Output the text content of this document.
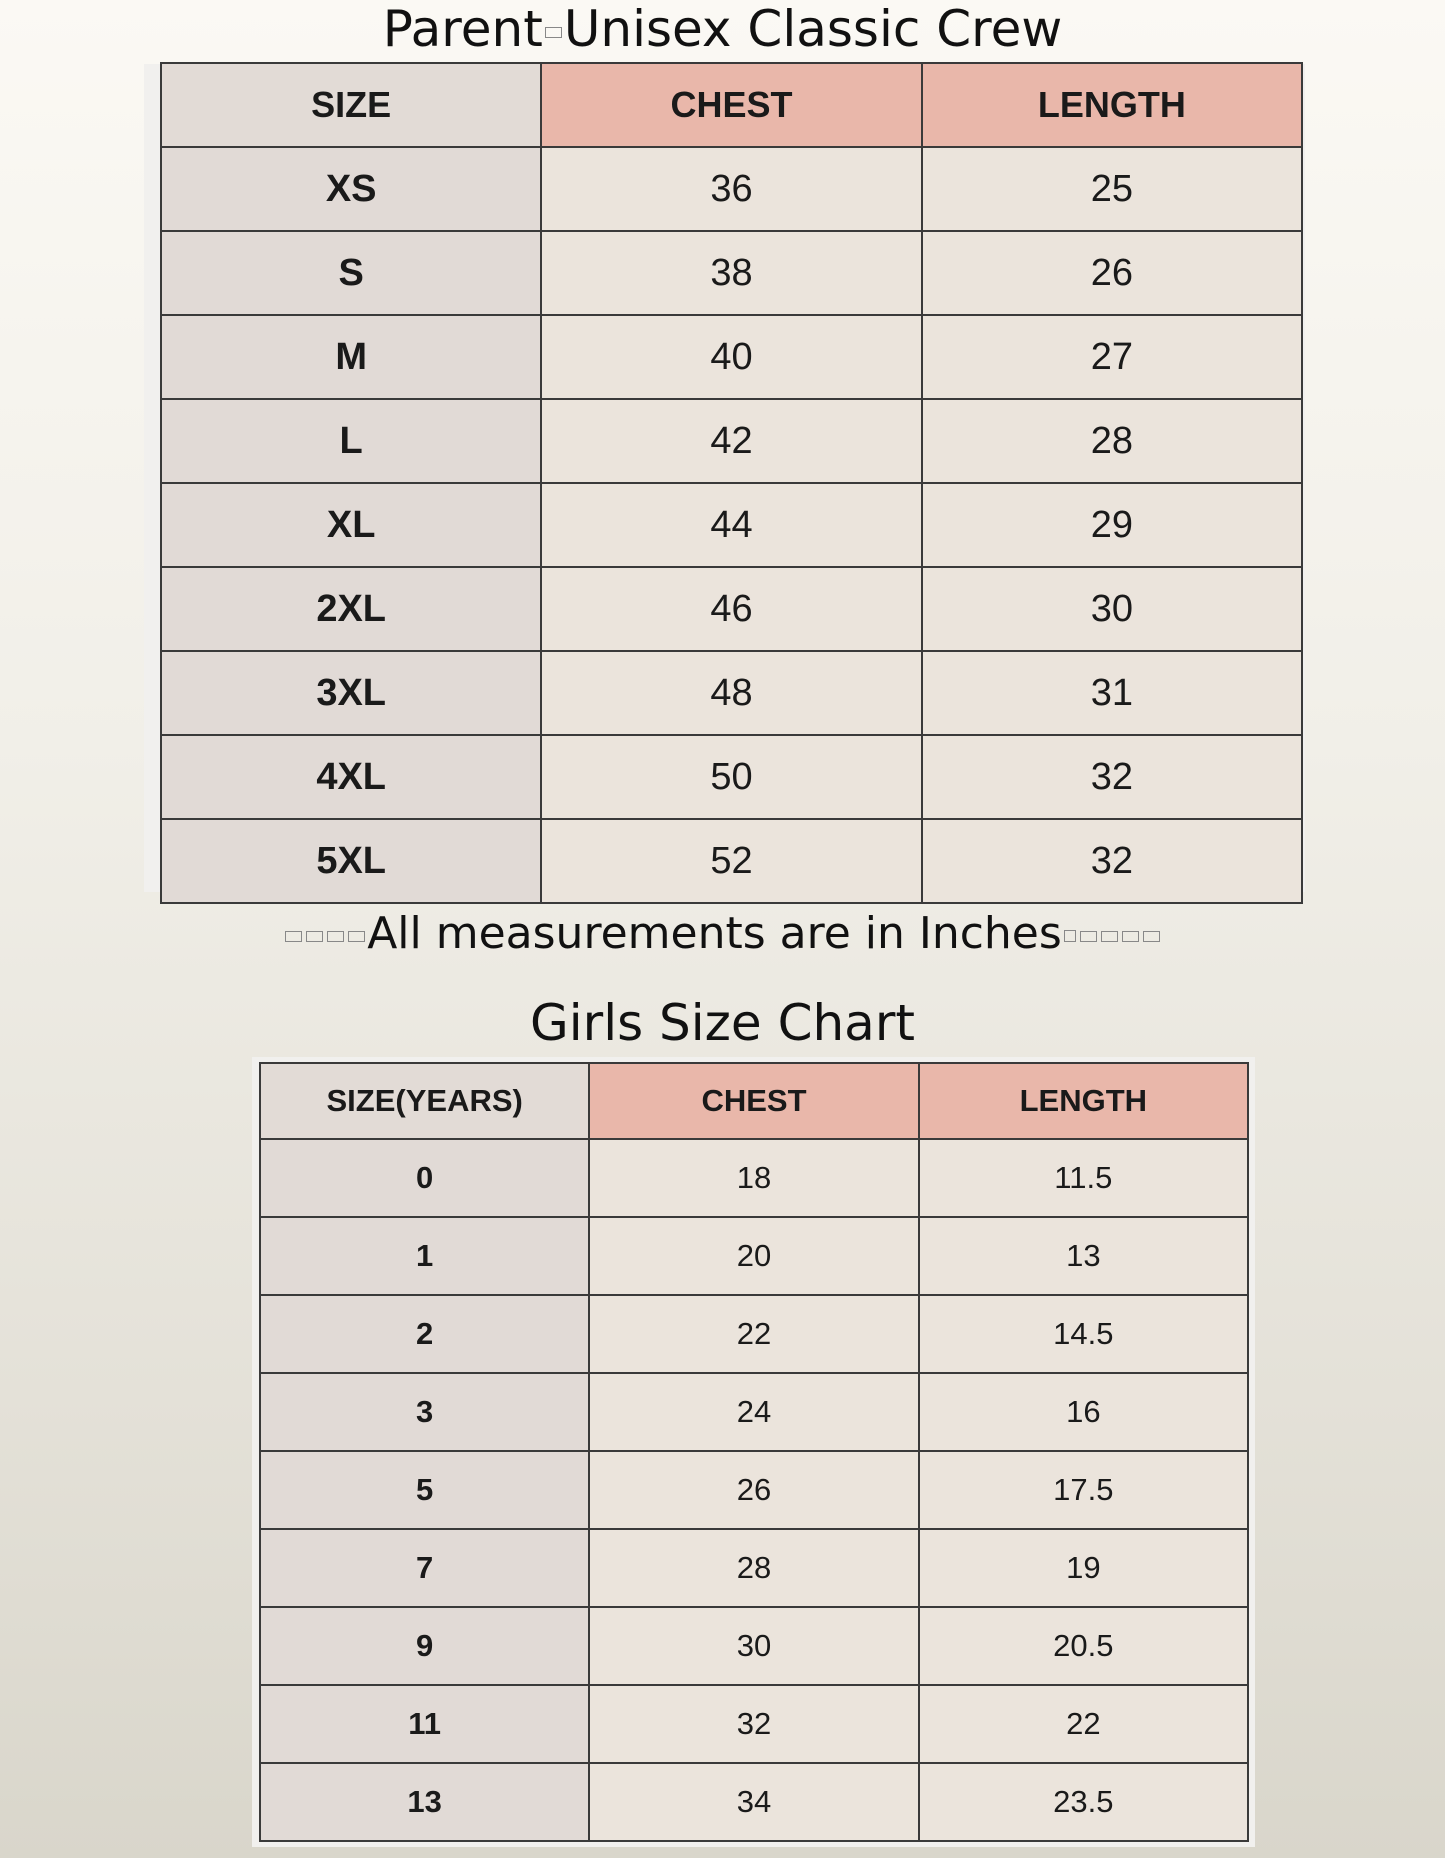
Parent Unisex Classic Crew
SIZE	CHEST	LENGTH
XS	36	25
S	38	26
M	40	27
L	42	28
XL	44	29
2XL	46	30
3XL	48	31
4XL	50	32
5XL	52	32
All measurements are in Inches
Girls Size Chart
SIZE(YEARS)	CHEST	LENGTH
0	18	11.5
1	20	13
2	22	14.5
3	24	16
5	26	17.5
7	28	19
9	30	20.5
11	32	22
13	34	23.5
